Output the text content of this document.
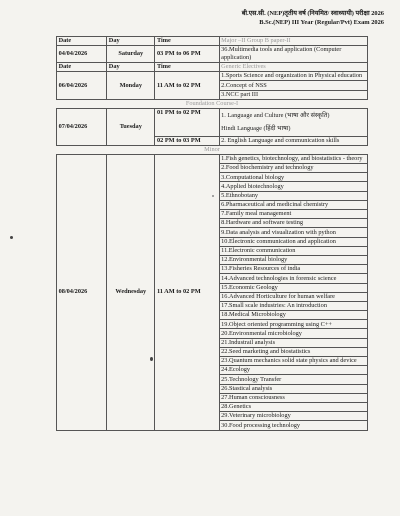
बी.एस.सी. (NEP)तृतीय वर्ष (नियमित/ स्वाध्यायी) परीक्षा 2026
B.Sc.(NEP) III Year (Regular/Pvt) Exam 2026
Date	Day	Time	Major –II Group B paper-II
04/04/2026	Saturday	03 PM to 06 PM	36.Multimedia tools and application (Computer application)
Date	Day	Time	Generic Electives
06/04/2026	Monday	11 AM to 02 PM	1.Sports Science and organization in Physical education
			2.Concept of NSS
			3.NCC part III
Foundation Course-I			
07/04/2026	Tuesday	01 PM to 02 PM	1. Language and Culture (भाषा और संस्कृति)
Hindi Language (हिंदी भाषा)

		02 PM to 03 PM	2. English Language and communication skills
Minor			
08/04/2026	Wednesday	11 AM to 02 PM	1.Fish genetics, biotechnology, and biostatistics - theory
			2.Food biochemistry and technology
			3.Computational biology
			4.Applied biotechnology
			5.Ethnobotany
			6.Pharmaceutical and medicinal chemistry
			7.Family meal management
			8.Hardware and software testing
			9.Data analysis and visualization with python
			10.Electronic communication and application
			11.Electronic communication
			12.Environmental biology
			13.Fisheries Resources of india
			14.Advanced technologies in forensic science
			15.Economic Geology
			16.Advanced Horticulture for human welfare
			17.Small scale industries: An introduction
			18.Medical Microbiology
			19.Object oriented programming using C++
			20.Environmental microbiology
			21.Industrail analysis
			22.Seed marketing and biostatistics
			23.Quantum mechanics solid state physics and device
			24.Ecology
			25.Technology Transfer
			26.Stastical analysis
			27.Human consciousness
			28.Genetics
			29.Veterinary microbiology
			30.Food processing technology
